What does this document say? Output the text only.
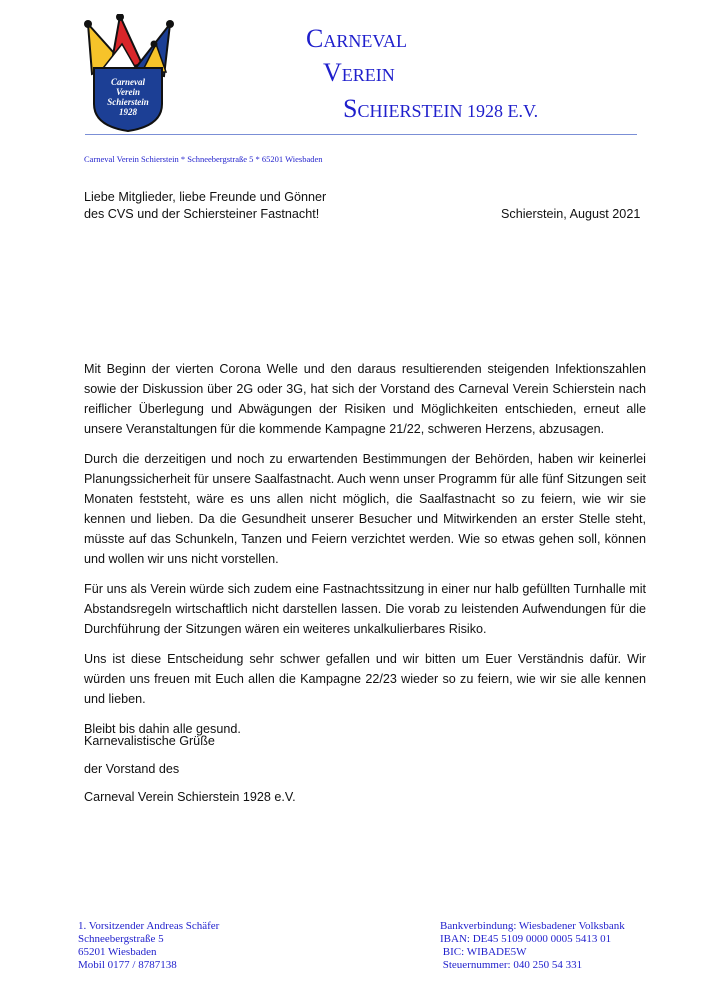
Carneval
Verein
Schierstein
1928
CARNEVAL
VEREIN
SCHIERSTEIN 1928 E.V.
Carneval Verein Schierstein * Schneebergstraße 5 * 65201 Wiesbaden
Liebe Mitglieder, liebe Freunde und Gönner
des CVS und der Schiersteiner Fastnacht!	Schierstein, August 2021

Mit Beginn der vierten Corona Welle und den daraus resultierenden steigenden Infektionszahlen sowie der Diskussion über 2G oder 3G, hat sich der Vorstand des Carneval Verein Schierstein nach reiflicher Überlegung und Abwägungen der Risiken und Möglichkeiten entschieden, erneut alle unsere Veranstaltungen für die kommende Kampagne 21/22, schweren Herzens, abzusagen.

Durch die derzeitigen und noch zu erwartenden Bestimmungen der Behörden, haben wir keinerlei Planungssicherheit für unsere Saalfastnacht. Auch wenn unser Programm für alle fünf Sitzungen seit Monaten feststeht, wäre es uns allen nicht möglich, die Saalfastnacht so zu feiern, wie wir sie kennen und lieben. Da die Gesundheit unserer Besucher und Mitwirkenden an erster Stelle steht, müsste auf das Schunkeln, Tanzen und Feiern verzichtet werden. Wie so etwas gehen soll, können und wollen wir uns nicht vorstellen.

Für uns als Verein würde sich zudem eine Fastnachtssitzung in einer nur halb gefüllten Turnhalle mit Abstandsregeln wirtschaftlich nicht darstellen lassen. Die vorab zu leistenden Aufwendungen für die Durchführung der Sitzungen wären ein weiteres unkalkulierbares Risiko.

Uns ist diese Entscheidung sehr schwer gefallen und wir bitten um Euer Verständnis dafür. Wir würden uns freuen mit Euch allen die Kampagne 22/23 wieder so zu feiern, wie wir sie alle kennen und lieben.

Bleibt bis dahin alle gesund.

Karnevalistische Grüße
der Vorstand des
Carneval Verein Schierstein 1928 e.V.
1. Vorsitzender Andreas Schäfer
Schneebergstraße 5
65201 Wiesbaden
Mobil 0177 / 8787138
Bankverbindung: Wiesbadener Volksbank
IBAN: DE45 5109 0000 0005 5413 01
BIC: WIBADE5W
Steuernummer: 040 250 54 331
